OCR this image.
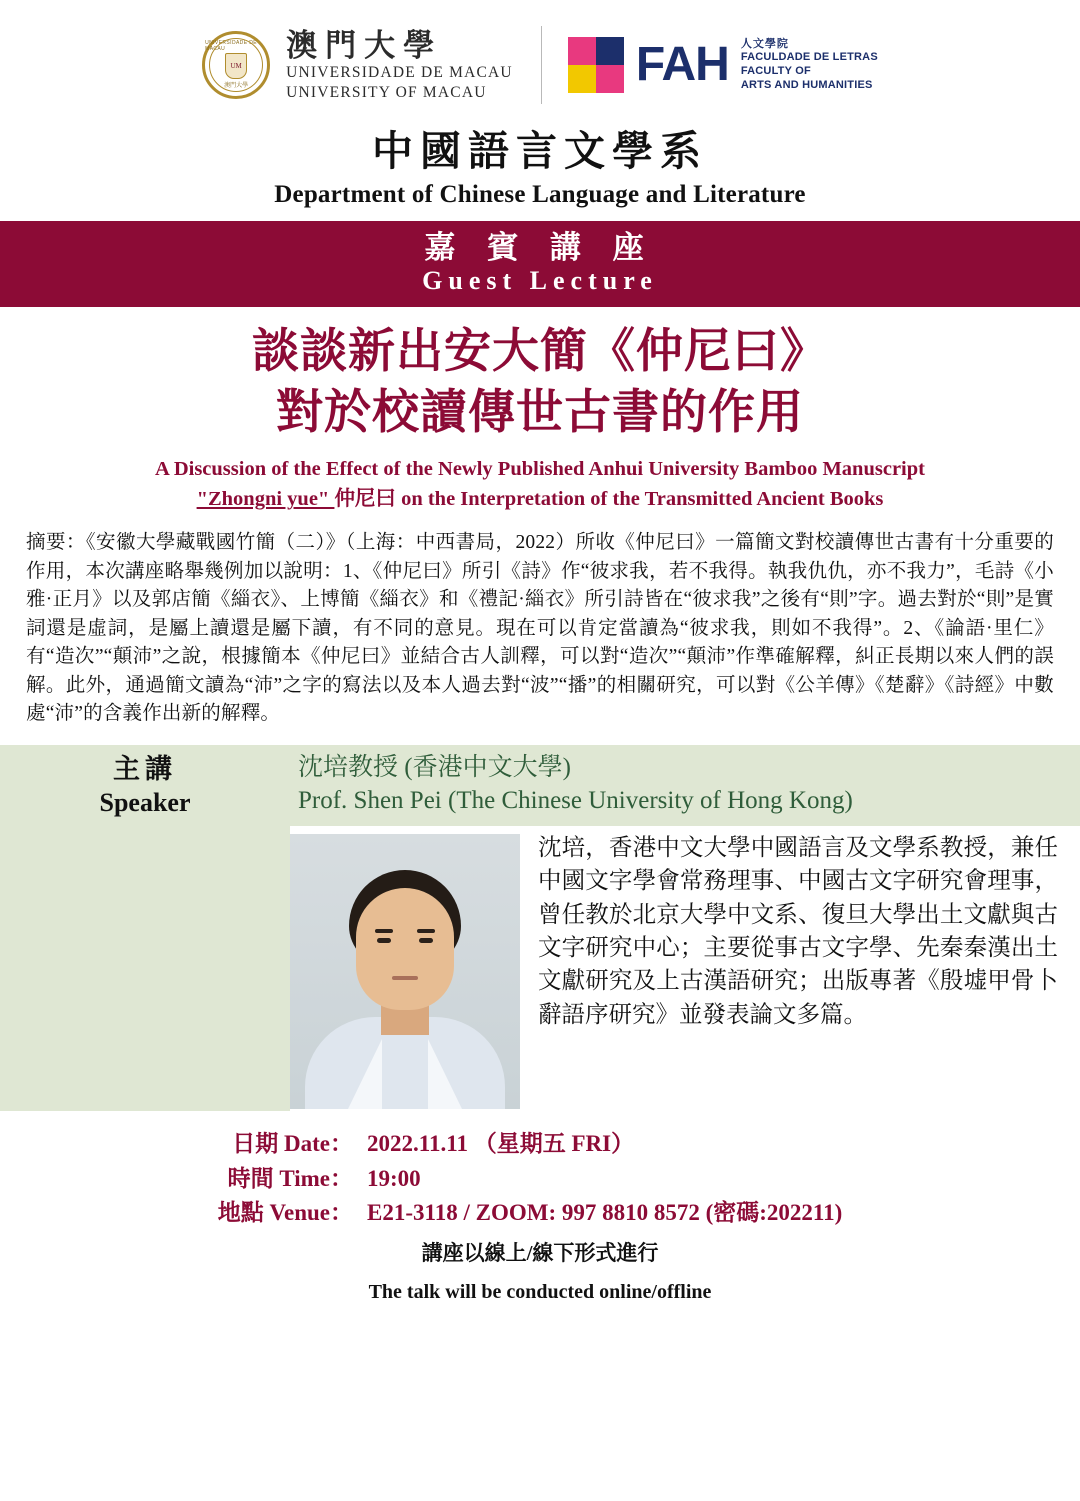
UNIVERSIDADE DE MACAU
UM
澳門大學
澳門大學
UNIVERSIDADE DE MACAU
UNIVERSITY OF MACAU
FAH 人文學院
FACULDADE DE LETRAS
FACULTY OF
ARTS AND HUMANITIES
中國語言文學系
Department of Chinese Language and Literature
嘉 賓 講 座
Guest Lecture
談談新出安大簡《仲尼曰》
對於校讀傳世古書的作用
A Discussion of the Effect of the Newly Published Anhui University Bamboo Manuscript
"Zhongni yue" 仲尼曰 on the Interpretation of the Transmitted Ancient Books
摘要：《安徽大學藏戰國竹簡（二）》（上海：中西書局，2022）所收《仲尼曰》一篇簡文對校讀傳世古書有十分重要的作用，本次講座略舉幾例加以說明：1、《仲尼曰》所引《詩》作“彼求我，若不我得。執我仇仇，亦不我力”，毛詩《小雅·正月》以及郭店簡《緇衣》、上博簡《緇衣》和《禮記·緇衣》所引詩皆在“彼求我”之後有“則”字。過去對於“則”是實詞還是虛詞，是屬上讀還是屬下讀，有不同的意見。現在可以肯定當讀為“彼求我，則如不我得”。2、《論語·里仁》有“造次”“顛沛”之說，根據簡本《仲尼曰》並結合古人訓釋，可以對“造次”“顛沛”作準確解釋，糾正長期以來人們的誤解。此外，通過簡文讀為“沛”之字的寫法以及本人過去對“波”“播”的相關研究，可以對《公羊傳》《楚辭》《詩經》中數處“沛”的含義作出新的解釋。
主講
Speaker
沈培教授 (香港中文大學)
Prof. Shen Pei (The Chinese University of Hong Kong)
沈培，香港中文大學中國語言及文學系教授，兼任中國文字學會常務理事、中國古文字研究會理事，曾任教於北京大學中文系、復旦大學出土文獻與古文字研究中心；主要從事古文字學、先秦秦漢出土文獻研究及上古漢語研究；出版專著《殷墟甲骨卜辭語序研究》並發表論文多篇。
日期 Date： 2022.11.11 （星期五 FRI）
時間 Time： 19:00
地點 Venue： E21-3118 / ZOOM: 997 8810 8572 (密碼:202211)
講座以線上/線下形式進行
The talk will be conducted online/offline
